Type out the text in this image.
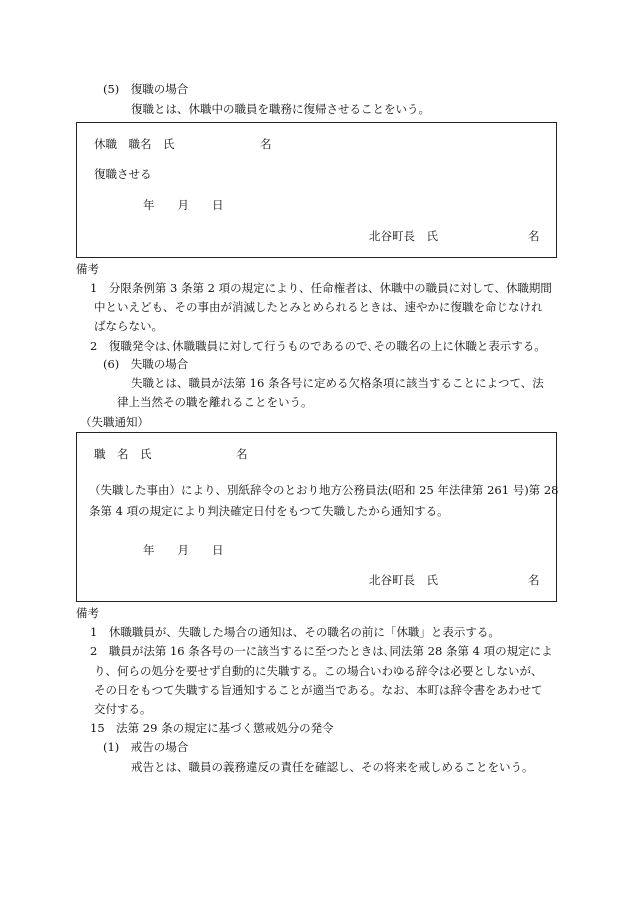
(5)　復職の場合
復職とは、休職中の職員を職務に復帰させることをいう。
休職　職名　氏	名
復職させる
年　　月　　日
北谷町長　氏	名
備考
1　分限条例第 3 条第 2 項の規定により、任命権者は、休職中の職員に対して、休職期間
中といえども、その事由が消滅したとみとめられるときは、速やかに復職を命じなけれ
ばならない。
2　復職発令は､休職職員に対して行うものであるので､その職名の上に休職と表示する。
(6)　失職の場合
失職とは、職員が法第 16 条各号に定める欠格条項に該当することによつて、法
律上当然その職を離れることをいう。
（失職通知）
職　名　氏	名
（失職した事由）により、別紙辞令のとおり地方公務員法(昭和 25 年法律第 261 号)第 28
条第 4 項の規定により判決確定日付をもつて失職したから通知する。
年　　月　　日
北谷町長　氏	名
備考
1　休職職員が、失職した場合の通知は、その職名の前に「休職」と表示する。
2　職員が法第 16 条各号の一に該当するに至つたときは､同法第 28 条第 4 項の規定によ
り、何らの処分を要せず自動的に失職する。この場合いわゆる辞令は必要としないが、
その日をもつて失職する旨通知することが適当である。なお、本町は辞令書をあわせて
交付する。
15　法第 29 条の規定に基づく懲戒処分の発令
(1)　戒告の場合
戒告とは、職員の義務違反の責任を確認し、その将来を戒しめることをいう。
